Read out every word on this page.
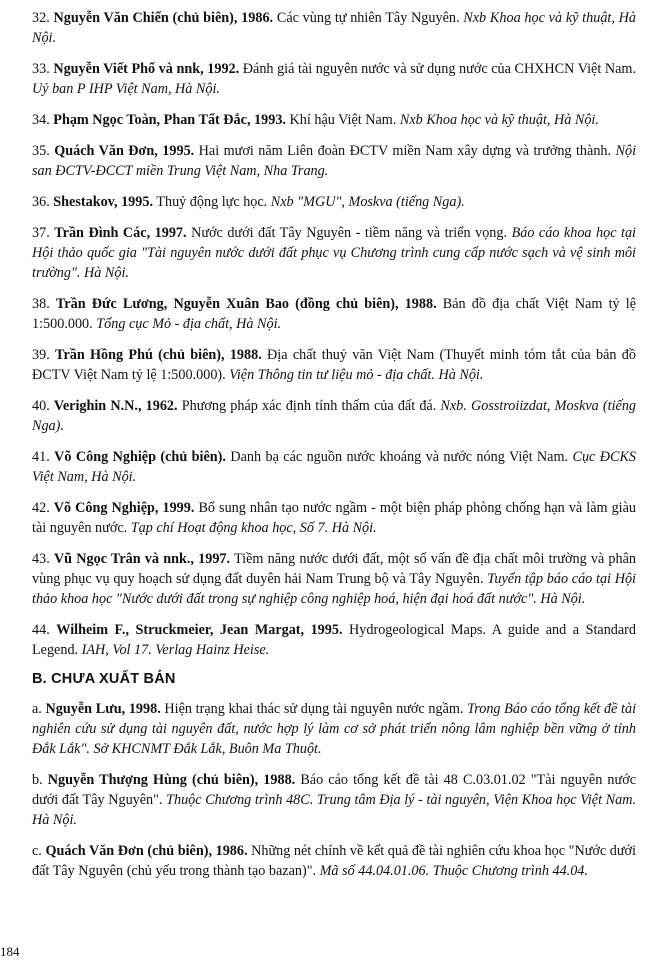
32. Nguyễn Văn Chiển (chủ biên), 1986. Các vùng tự nhiên Tây Nguyên. Nxb Khoa học và kỹ thuật, Hà Nội.

33. Nguyễn Viết Phổ và nnk, 1992. Đánh giá tài nguyên nước và sử dụng nước của CHXHCN Việt Nam. Uỷ ban P IHP Việt Nam, Hà Nội.

34. Phạm Ngọc Toàn, Phan Tất Đắc, 1993. Khí hậu Việt Nam. Nxb Khoa học và kỹ thuật, Hà Nội.

35. Quách Văn Đơn, 1995. Hai mươi năm Liên đoàn ĐCTV miền Nam xây dựng và trưởng thành. Nội san ĐCTV-ĐCCT miền Trung Việt Nam, Nha Trang.

36. Shestakov, 1995. Thuỷ động lực học. Nxb "MGU", Moskva (tiếng Nga).

37. Trần Đình Các, 1997. Nước dưới đất Tây Nguyên - tiềm năng và triển vọng. Báo cáo khoa học tại Hội thảo quốc gia "Tài nguyên nước dưới đất phục vụ Chương trình cung cấp nước sạch và vệ sinh môi trường". Hà Nội.

38. Trần Đức Lương, Nguyễn Xuân Bao (đồng chủ biên), 1988. Bản đồ địa chất Việt Nam tỷ lệ 1:500.000. Tổng cục Mỏ - địa chất, Hà Nội.

39. Trần Hồng Phú (chủ biên), 1988. Địa chất thuỷ văn Việt Nam (Thuyết minh tóm tắt của bản đồ ĐCTV Việt Nam tỷ lệ 1:500.000). Viện Thông tin tư liệu mỏ - địa chất. Hà Nội.

40. Verighin N.N., 1962. Phương pháp xác định tính thấm của đất đá. Nxb. Gosstroiizdat, Moskva (tiếng Nga).

41. Võ Công Nghiệp (chủ biên). Danh bạ các nguồn nước khoáng và nước nóng Việt Nam. Cục ĐCKS Việt Nam, Hà Nội.

42. Võ Công Nghiệp, 1999. Bổ sung nhân tạo nước ngầm - một biện pháp phòng chống hạn và làm giàu tài nguyên nước. Tạp chí Hoạt động khoa học, Số 7. Hà Nội.

43. Vũ Ngọc Trân và nnk., 1997. Tiềm năng nước dưới đất, một số vấn đề địa chất môi trường và phân vùng phục vụ quy hoạch sử dụng đất duyên hải Nam Trung bộ và Tây Nguyên. Tuyển tập báo cáo tại Hội thảo khoa học "Nước dưới đất trong sự nghiệp công nghiệp hoá, hiện đại hoá đất nước". Hà Nội.

44. Wilheim F., Struckmeier, Jean Margat, 1995. Hydrogeological Maps. A guide and a Standard Legend. IAH, Vol 17. Verlag Hainz Heise.

B. CHƯA XUẤT BẢN

a. Nguyễn Lưu, 1998. Hiện trạng khai thác sử dụng tài nguyên nước ngầm. Trong Báo cáo tổng kết đề tài nghiên cứu sử dụng tài nguyên đất, nước hợp lý làm cơ sở phát triển nông lâm nghiệp bền vững ở tỉnh Đắk Lắk". Sở KHCNMT Đắk Lắk, Buôn Ma Thuột.

b. Nguyễn Thượng Hùng (chủ biên), 1988. Báo cáo tổng kết đề tài 48 C.03.01.02 "Tài nguyên nước dưới đất Tây Nguyên". Thuộc Chương trình 48C. Trung tâm Địa lý - tài nguyên, Viện Khoa học Việt Nam. Hà Nội.

c. Quách Văn Đơn (chủ biên), 1986. Những nét chính về kết quả đề tài nghiên cứu khoa học "Nước dưới đất Tây Nguyên (chủ yếu trong thành tạo bazan)". Mã số 44.04.01.06. Thuộc Chương trình 44.04.

184
